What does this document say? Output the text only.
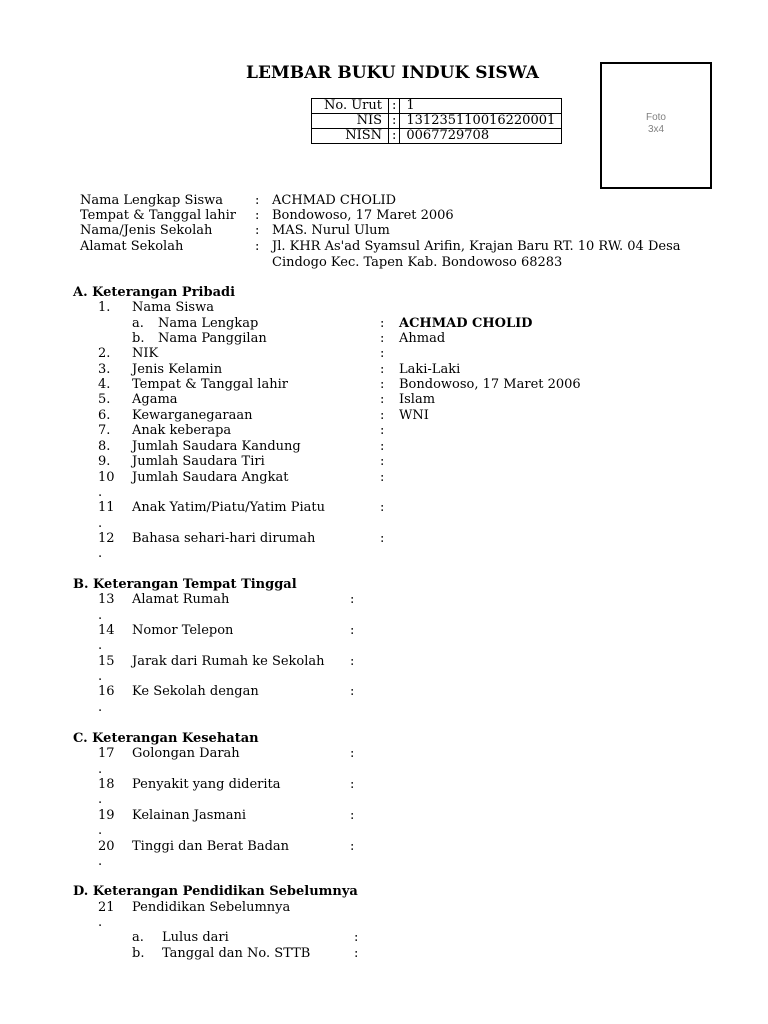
LEMBAR BUKU INDUK SISWA
No. Urut	:	1
NIS	:	131235110016220001
NISN	:	0067729708
Foto
3x4
Nama Lengkap Siswa : ACHMAD CHOLID
Tempat & Tanggal lahir : Bondowoso, 17 Maret 2006
Nama/Jenis Sekolah	: MAS. Nurul Ulum
Alamat Sekolah	: Jl. KHR As'ad Syamsul Arifin, Krajan Baru RT. 10 RW. 04 Desa
Cindogo Kec. Tapen Kab. Bondowoso 68283
A. Keterangan Pribadi
1. Nama Siswa
a. Nama Lengkap	: ACHMAD CHOLID
b. Nama Panggilan	: Ahmad
2. NIK	:
3. Jenis Kelamin	: Laki-Laki
4. Tempat & Tanggal lahir	: Bondowoso, 17 Maret 2006
5. Agama	: Islam
6. Kewarganegaraan	: WNI
7. Anak keberapa	:
8. Jumlah Saudara Kandung	:
9. Jumlah Saudara Tiri	:
10 Jumlah Saudara Angkat	:
.
11 Anak Yatim/Piatu/Yatim Piatu	:
.
12 Bahasa sehari-hari dirumah	:
.
B. Keterangan Tempat Tinggal
13 Alamat Rumah	:
.
14 Nomor Telepon	:
.
15 Jarak dari Rumah ke Sekolah :
.
16 Ke Sekolah dengan	:
.
C. Keterangan Kesehatan
17 Golongan Darah	:
.
18 Penyakit yang diderita	:
.
19 Kelainan Jasmani	:
.
20 Tinggi dan Berat Badan	:
.
D. Keterangan Pendidikan Sebelumnya
21 Pendidikan Sebelumnya
.
a. Lulus dari	:
b. Tanggal dan No. STTB	:
